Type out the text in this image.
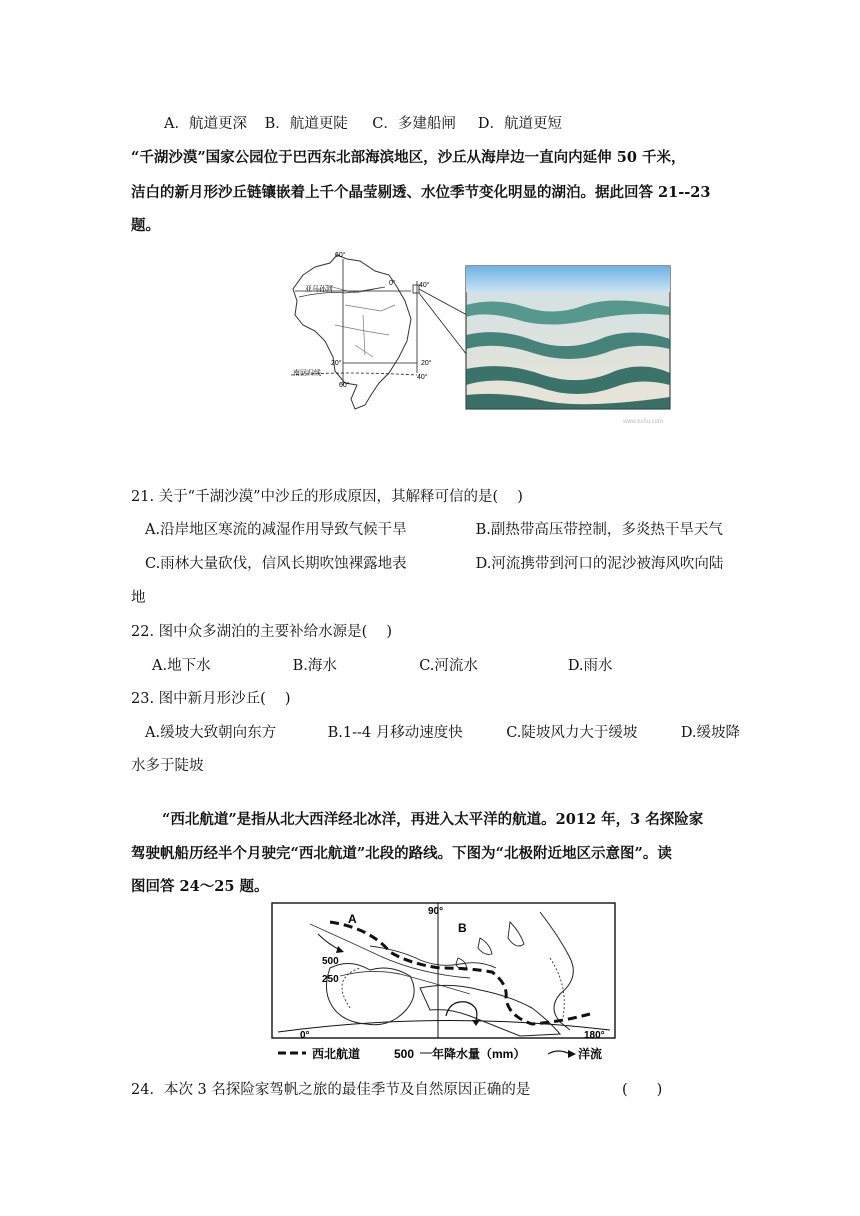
A．航道更深 B．航道更陡 C．多建船闸 D．航道更短
“千湖沙漠”国家公园位于巴西东北部海滨地区，沙丘从海岸边一直向内延伸 50 千米，
洁白的新月形沙丘链镶嵌着上千个晶莹剔透、水位季节变化明显的湖泊。据此回答 21--23
题。
60°
亚马孙河
0°	40°
20°
南回归线
20°
60°
40°
www.ks5u.com
21. 关于“千湖沙漠”中沙丘的形成原因，其解释可信的是(　 )
A.沿岸地区寒流的减湿作用导致气候干旱	B.副热带高压带控制，多炎热干旱天气
C.雨林大量砍伐，信风长期吹蚀裸露地表	D.河流携带到河口的泥沙被海风吹向陆
地
22. 图中众多湖泊的主要补给水源是(　 )
A.地下水	B.海水	C.河流水	D.雨水
23. 图中新月形沙丘(　 )
A.缓坡大致朝向东方	B.1--4 月移动速度快	C.陡坡风力大于缓坡	D.缓坡降
水多于陡坡
“西北航道”是指从北大西洋经北冰洋，再进入太平洋的航道。2012 年，3 名探险家
驾驶帆船历经半个月驶完“西北航道”北段的路线。下图为“北极附近地区示意图”。读
图回答 24～25 题。
A
B
90°
500
250
0°	180°
西北航道	500 年降水量（mm）	洋流
24．本次 3 名探险家驾帆之旅的最佳季节及自然原因正确的是	(　　)
